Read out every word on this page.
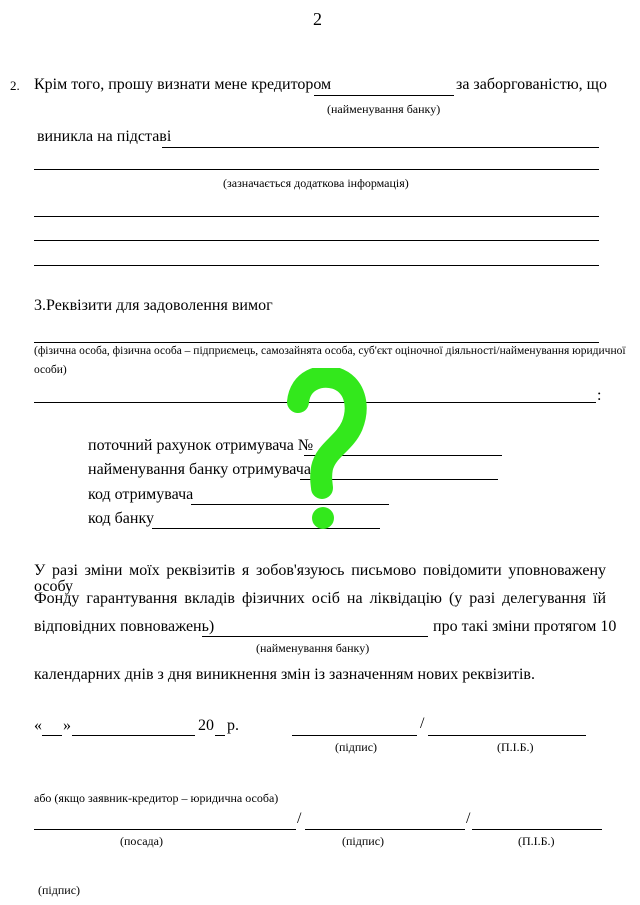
2
2. Крім того, прошу визнати мене кредитором	за заборгованістю, що
(найменування банку)
виникла на підставі
(зазначається додаткова інформація)
3.Реквізити для задоволення вимог
(фізична особа, фізична особа – підприємець, самозайнята особа, суб'єкт оціночної діяльності/найменування юридичної
особи)
:
поточний рахунок отримувача №
найменування банку отримувача
код отримувача
код банку
У разі зміни моїх реквізитів я зобов'язуюсь письмово повідомити уповноважену особу
Фонду гарантування вкладів фізичних осіб на ліквідацію (у разі делегування їй
відповідних повноважень)	про такі зміни протягом 10
(найменування банку)
календарних днів з дня виникнення змін із зазначенням нових реквізитів.
« »	20 р.	/
(підпис)	(П.І.Б.)
або (якщо заявник-кредитор – юридична особа)
/	/
(посада)	(підпис)	(П.І.Б.)
(підпис)
